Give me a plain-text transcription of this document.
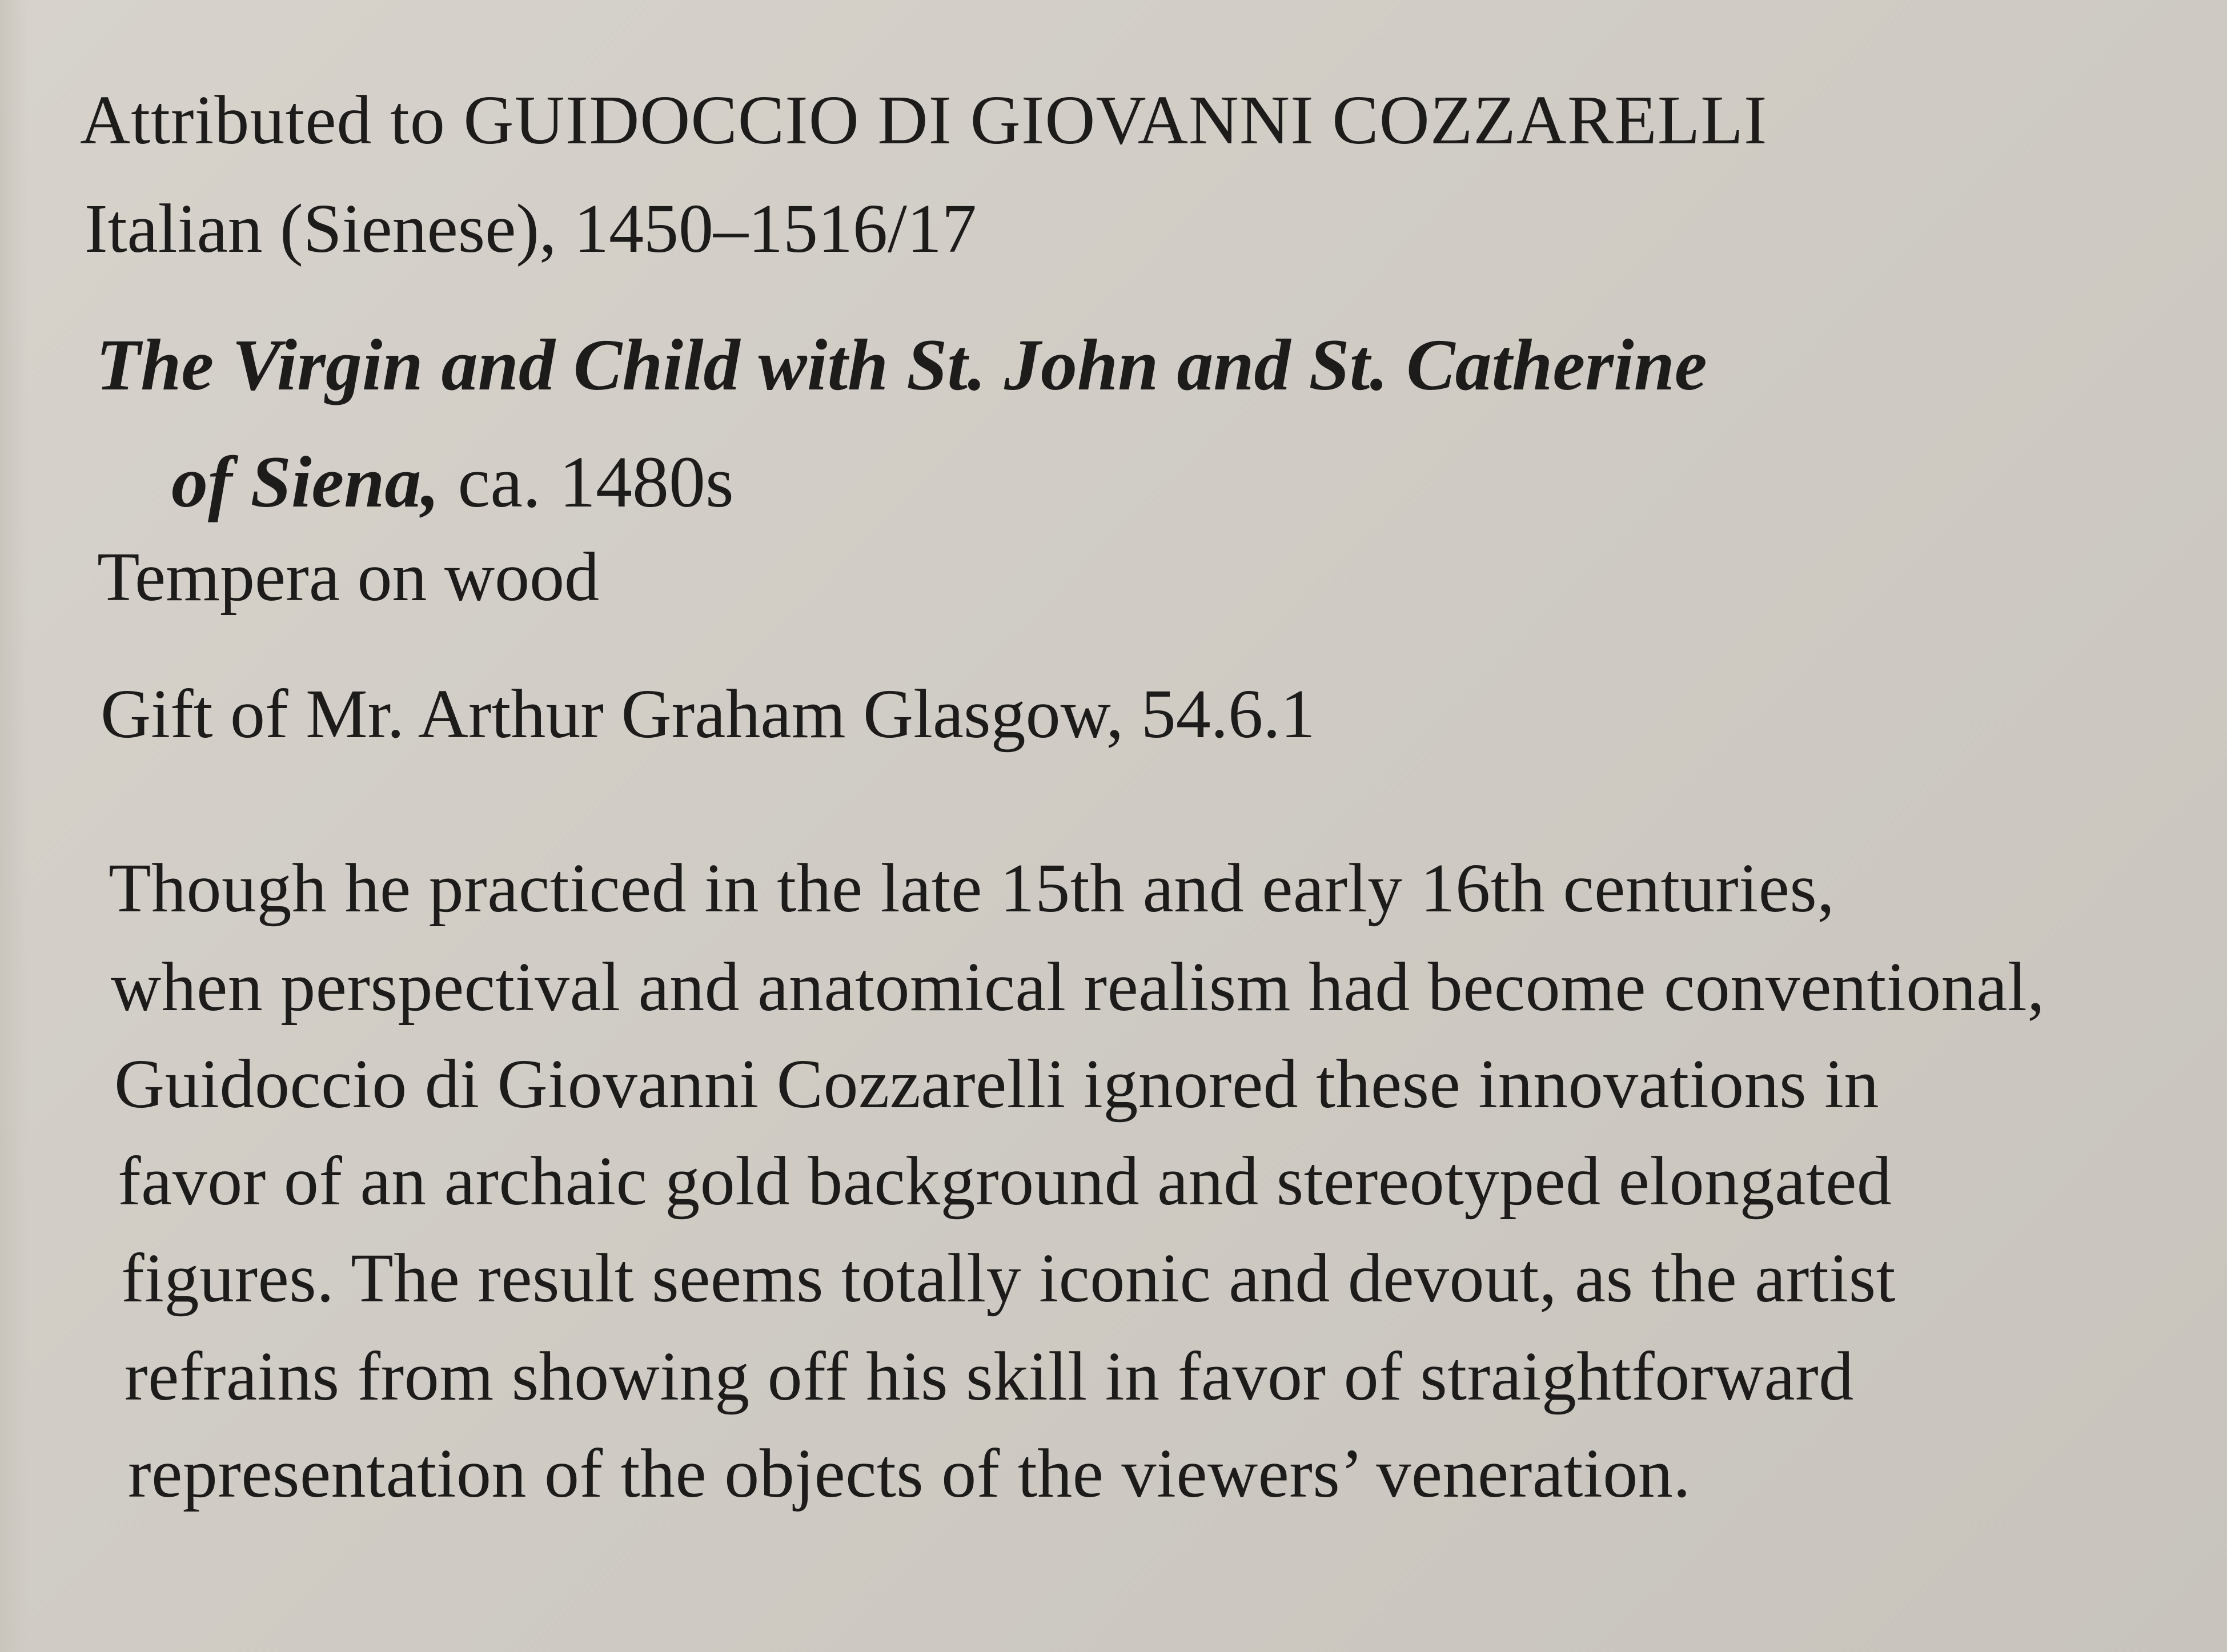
Attributed to GUIDOCCIO DI GIOVANNI COZZARELLI
Italian (Sienese), 1450–1516/17
The Virgin and Child with St. John and St. Catherine
of Siena, ca. 1480s
Tempera on wood
Gift of Mr. Arthur Graham Glasgow, 54.6.1
Though he practiced in the late 15th and early 16th centuries,
when perspectival and anatomical realism had become conventional,
Guidoccio di Giovanni Cozzarelli ignored these innovations in
favor of an archaic gold background and stereotyped elongated
figures. The result seems totally iconic and devout, as the artist
refrains from showing off his skill in favor of straightforward
representation of the objects of the viewers’ veneration.
